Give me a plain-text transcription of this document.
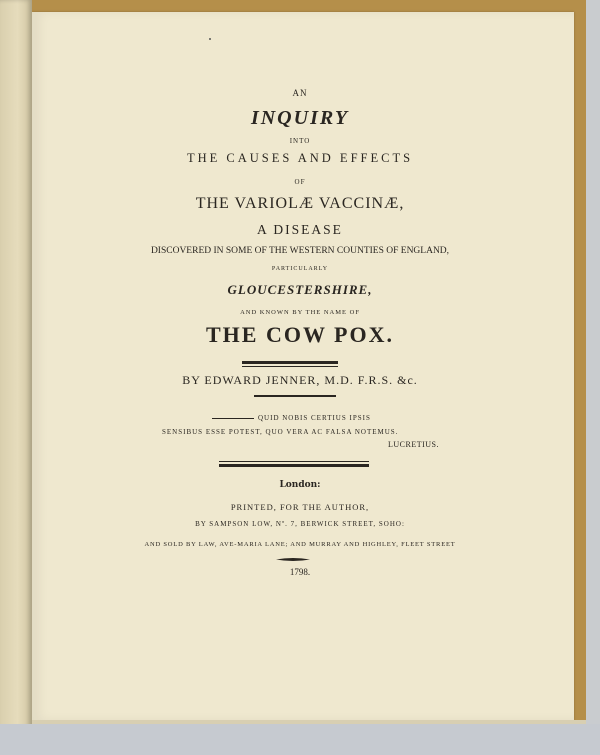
AN
INQUIRY
INTO
THE CAUSES AND EFFECTS
OF
THE VARIOLÆ VACCINÆ,
A DISEASE
DISCOVERED IN SOME OF THE WESTERN COUNTIES OF ENGLAND,
PARTICULARLY
GLOUCESTERSHIRE,
AND KNOWN BY THE NAME OF
THE COW POX.
BY EDWARD JENNER, M.D. F.R.S. &c.
QUID NOBIS CERTIUS IPSIS
SENSIBUS ESSE POTEST, QUO VERA AC FALSA NOTEMUS.
LUCRETIUS.
London:
PRINTED, FOR THE AUTHOR,
BY SAMPSON LOW, Nº. 7, BERWICK STREET, SOHO:
AND SOLD BY LAW, AVE-MARIA LANE; AND MURRAY AND HIGHLEY, FLEET STREET
1798.
